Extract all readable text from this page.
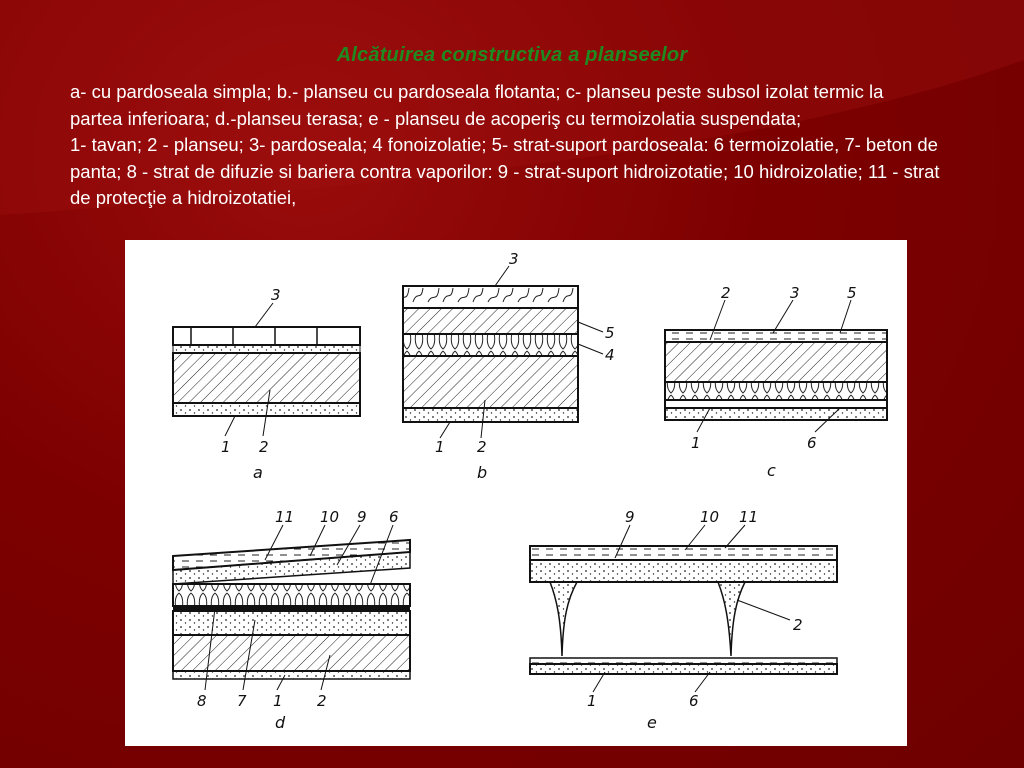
Alcătuirea constructiva a planseelor

a- cu pardoseala simpla; b.- planseu cu pardoseala flotanta; c- planseu peste subsol izolat termic la partea inferioara; d.-planseu terasa; e - planseu de acoperiş cu termoizolatia suspendata;

1- tavan; 2 - planseu; 3- pardoseala; 4 fonoizolatie; 5- strat-suport pardoseala: 6 termoizolatie, 7- beton de panta; 8 - strat de difuzie si bariera contra vaporilor: 9 - strat-suport hidroizotatie; 10 hidroizolatie; 11 - strat de protecţie a hidroizotatiei,

3
1 2
a
3
5
4
1 2
b
2	3	5
1	6
c
11 10 9 6
8 7 1 2
d
9	10 11
2
1	6
e
